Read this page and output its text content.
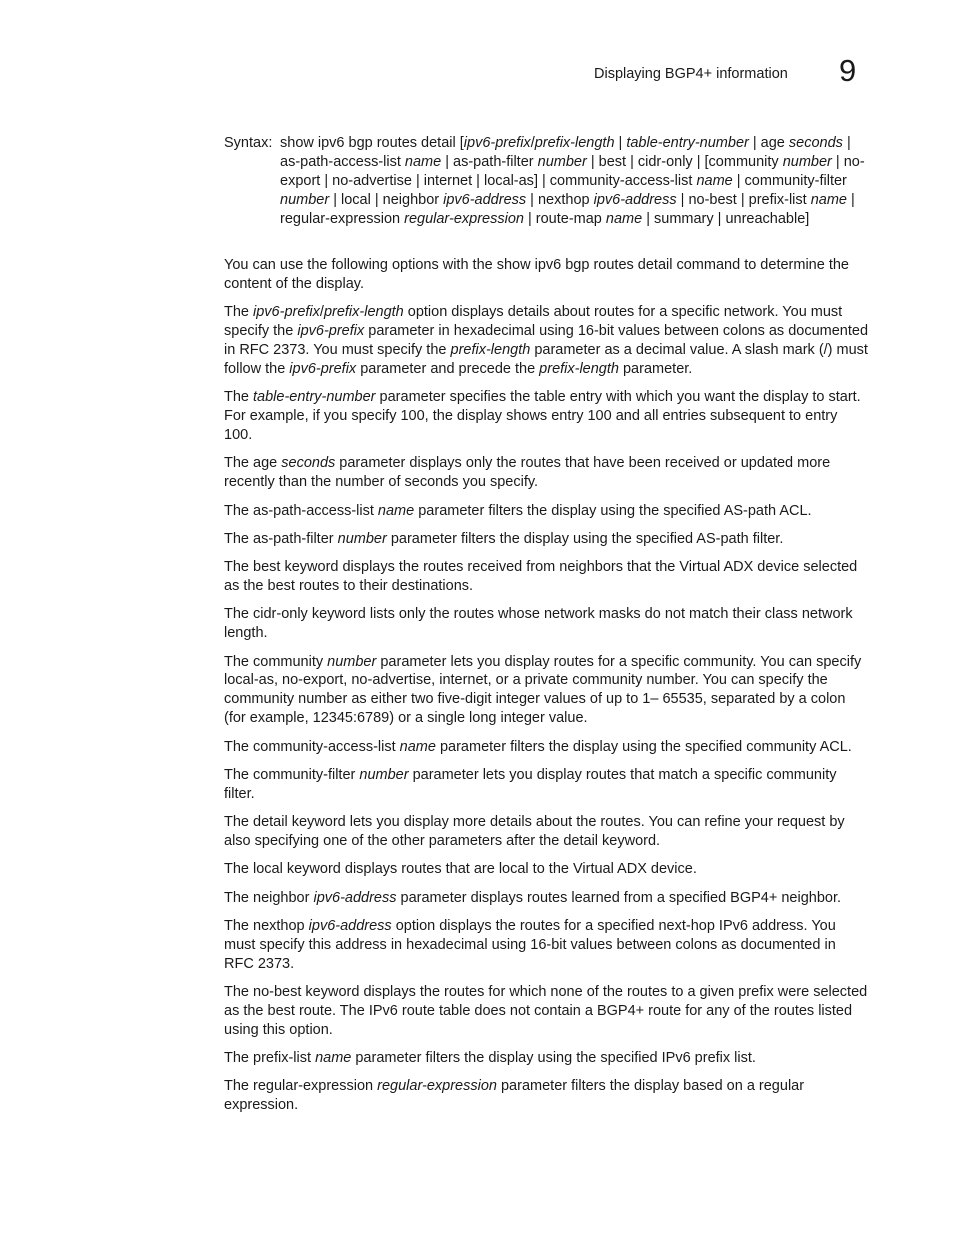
Displaying BGP4+ information 9
Syntax: show ipv6 bgp routes detail [ipv6-prefix/prefix-length | table-entry-number | age seconds | as-path-access-list name | as-path-filter number | best | cidr-only | [community number | no-export | no-advertise | internet | local-as] | community-access-list name | community-filter number | local | neighbor ipv6-address | nexthop ipv6-address | no-best | prefix-list name | regular-expression regular-expression | route-map name | summary | unreachable]

You can use the following options with the show ipv6 bgp routes detail command to determine the content of the display.

The ipv6-prefix/prefix-length option displays details about routes for a specific network. You must specify the ipv6-prefix parameter in hexadecimal using 16-bit values between colons as documented in RFC 2373. You must specify the prefix-length parameter as a decimal value. A slash mark (/) must follow the ipv6-prefix parameter and precede the prefix-length parameter.

The table-entry-number parameter specifies the table entry with which you want the display to start. For example, if you specify 100, the display shows entry 100 and all entries subsequent to entry 100.

The age seconds parameter displays only the routes that have been received or updated more recently than the number of seconds you specify.

The as-path-access-list name parameter filters the display using the specified AS-path ACL.

The as-path-filter number parameter filters the display using the specified AS-path filter.

The best keyword displays the routes received from neighbors that the Virtual ADX device selected as the best routes to their destinations.

The cidr-only keyword lists only the routes whose network masks do not match their class network length.

The community number parameter lets you display routes for a specific community. You can specify local-as, no-export, no-advertise, internet, or a private community number. You can specify the community number as either two five-digit integer values of up to 1– 65535, separated by a colon (for example, 12345:6789) or a single long integer value.

The community-access-list name parameter filters the display using the specified community ACL.

The community-filter number parameter lets you display routes that match a specific community filter.

The detail keyword lets you display more details about the routes. You can refine your request by also specifying one of the other parameters after the detail keyword.

The local keyword displays routes that are local to the Virtual ADX device.

The neighbor ipv6-address parameter displays routes learned from a specified BGP4+ neighbor.

The nexthop ipv6-address option displays the routes for a specified next-hop IPv6 address. You must specify this address in hexadecimal using 16-bit values between colons as documented in RFC 2373.

The no-best keyword displays the routes for which none of the routes to a given prefix were selected as the best route. The IPv6 route table does not contain a BGP4+ route for any of the routes listed using this option.

The prefix-list name parameter filters the display using the specified IPv6 prefix list.

The regular-expression regular-expression parameter filters the display based on a regular expression.
